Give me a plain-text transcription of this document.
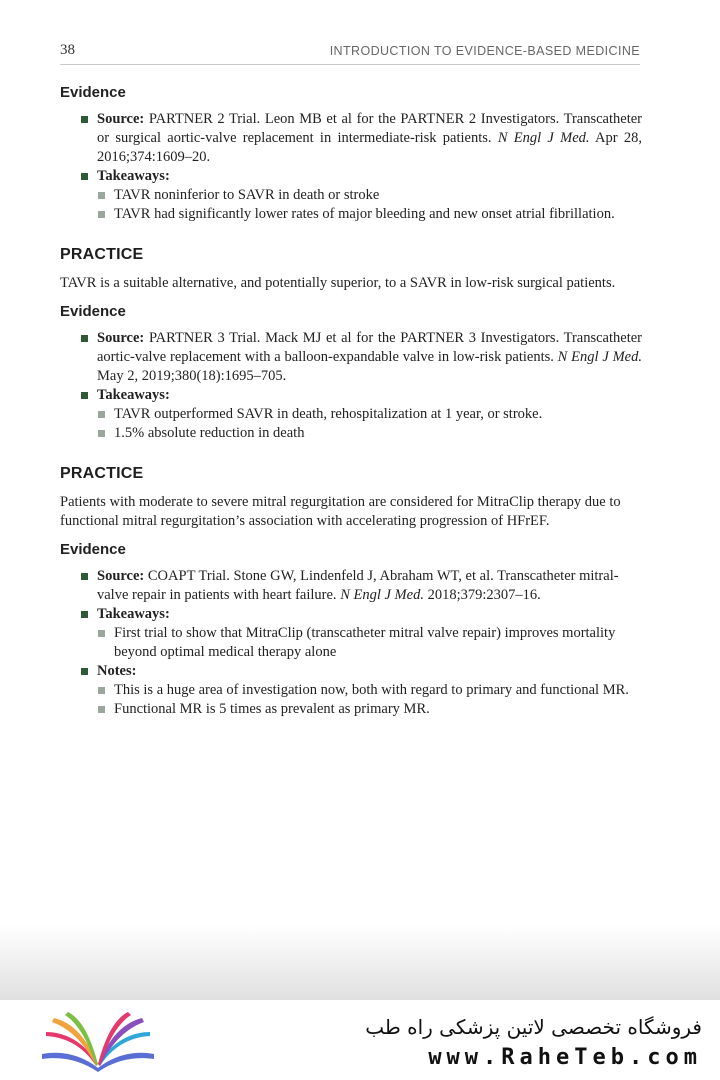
38	INTRODUCTION TO EVIDENCE-BASED MEDICINE
Evidence
Source: PARTNER 2 Trial. Leon MB et al for the PARTNER 2 Investigators. Transcatheter or surgical aortic-valve replacement in intermediate-risk patients. N Engl J Med. Apr 28, 2016;374:1609–20.
Takeaways:
TAVR noninferior to SAVR in death or stroke
TAVR had significantly lower rates of major bleeding and new onset atrial fibrillation.
PRACTICE

TAVR is a suitable alternative, and potentially superior, to a SAVR in low-risk surgical patients.

Evidence
Source: PARTNER 3 Trial. Mack MJ et al for the PARTNER 3 Investigators. Transcatheter aortic-valve replacement with a balloon-expandable valve in low-risk patients. N Engl J Med. May 2, 2019;380(18):1695–705.
Takeaways:
TAVR outperformed SAVR in death, rehospitalization at 1 year, or stroke.
1.5% absolute reduction in death
PRACTICE

Patients with moderate to severe mitral regurgitation are considered for MitraClip therapy due to functional mitral regurgitation’s association with accelerating progression of HFrEF.

Evidence
Source: COAPT Trial. Stone GW, Lindenfeld J, Abraham WT, et al. Transcatheter mitral-valve repair in patients with heart failure. N Engl J Med. 2018;379:2307–16.
Takeaways:
First trial to show that MitraClip (transcatheter mitral valve repair) improves mortality beyond optimal medical therapy alone
Notes:
This is a huge area of investigation now, both with regard to primary and functional MR.
Functional MR is 5 times as prevalent as primary MR.
فروشگاه تخصصی لاتین پزشکی راه طب
www.RaheTeb.com
